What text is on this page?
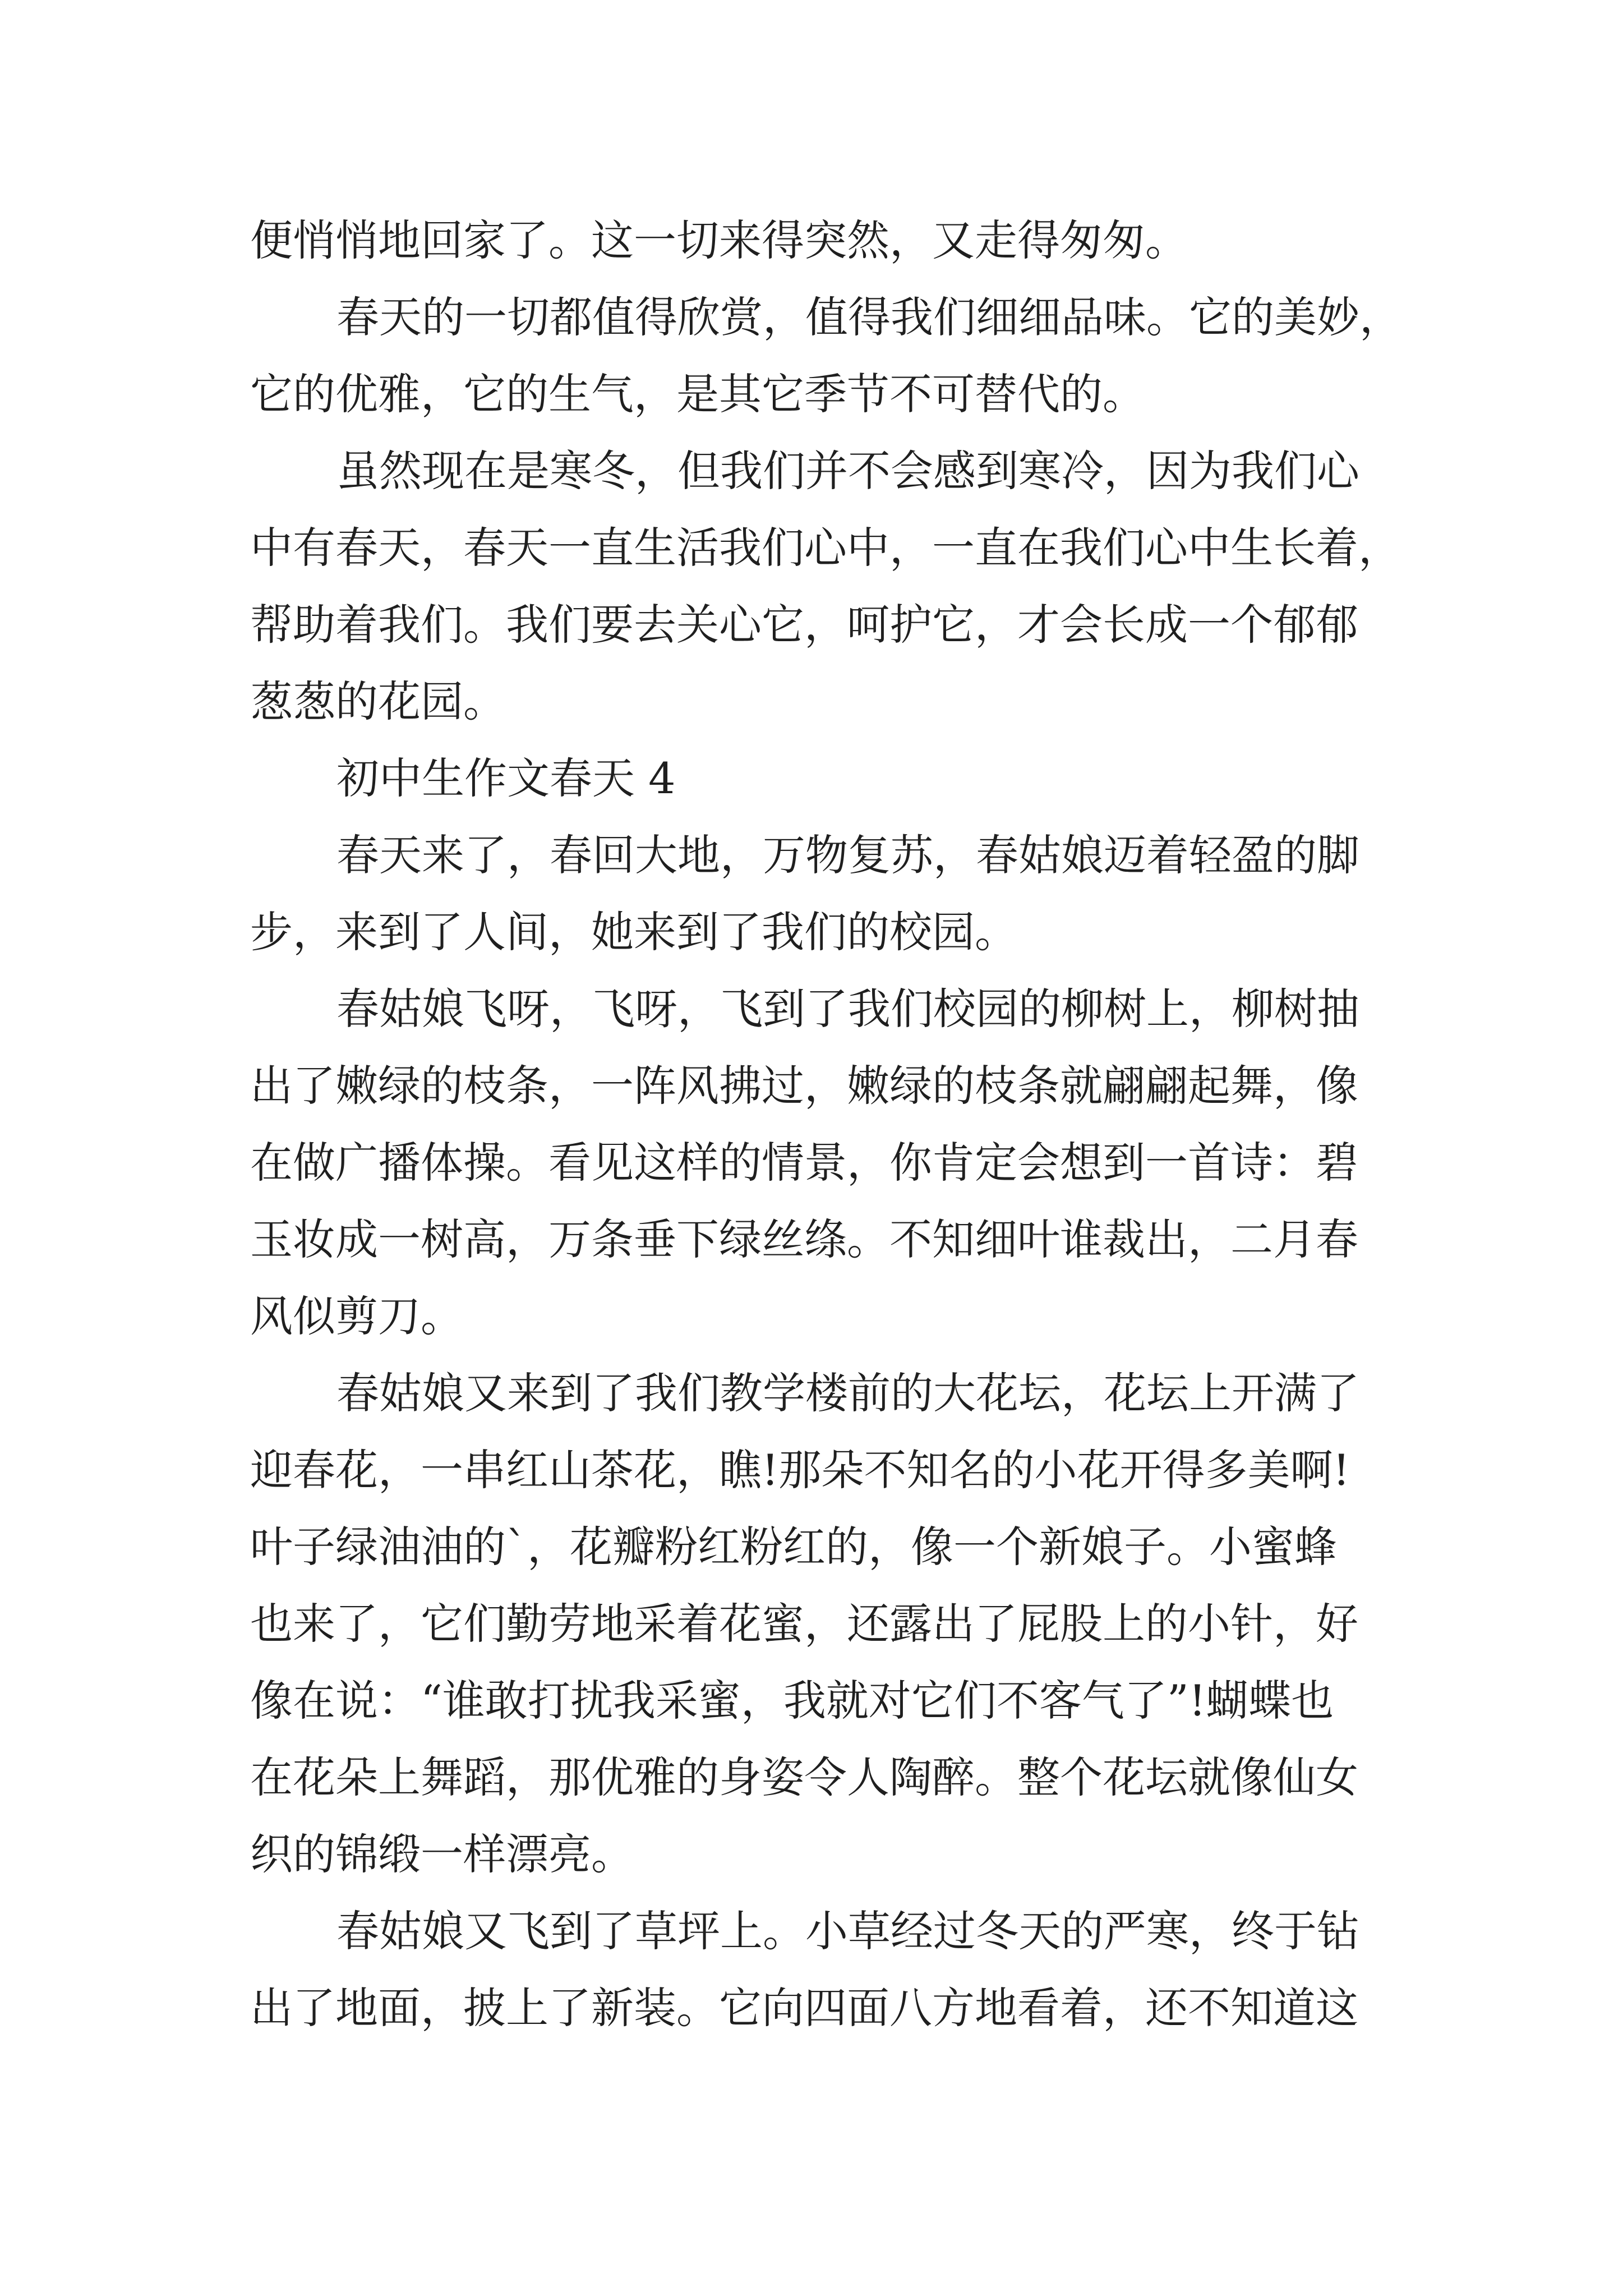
便悄悄地回家了。这一切来得突然，又走得匆匆。
春天的一切都值得欣赏，值得我们细细品味。它的美妙，
它的优雅，它的生气，是其它季节不可替代的。
虽然现在是寒冬，但我们并不会感到寒冷，因为我们心
中有春天，春天一直生活我们心中，一直在我们心中生长着，
帮助着我们。我们要去关心它，呵护它，才会长成一个郁郁
葱葱的花园。
初中生作文春天 4
春天来了，春回大地，万物复苏，春姑娘迈着轻盈的脚
步，来到了人间，她来到了我们的校园。
春姑娘飞呀，飞呀，飞到了我们校园的柳树上，柳树抽
出了嫩绿的枝条，一阵风拂过，嫩绿的枝条就翩翩起舞，像
在做广播体操。看见这样的情景，你肯定会想到一首诗：碧
玉妆成一树高，万条垂下绿丝绦。不知细叶谁裁出，二月春
风似剪刀。
春姑娘又来到了我们教学楼前的大花坛，花坛上开满了
迎春花，一串红山茶花，瞧!那朵不知名的小花开得多美啊!
叶子绿油油的`，花瓣粉红粉红的，像一个新娘子。小蜜蜂
也来了，它们勤劳地采着花蜜，还露出了屁股上的小针，好
像在说：“谁敢打扰我采蜜，我就对它们不客气了”!蝴蝶也
在花朵上舞蹈，那优雅的身姿令人陶醉。整个花坛就像仙女
织的锦缎一样漂亮。
春姑娘又飞到了草坪上。小草经过冬天的严寒，终于钻
出了地面，披上了新装。它向四面八方地看着，还不知道这
